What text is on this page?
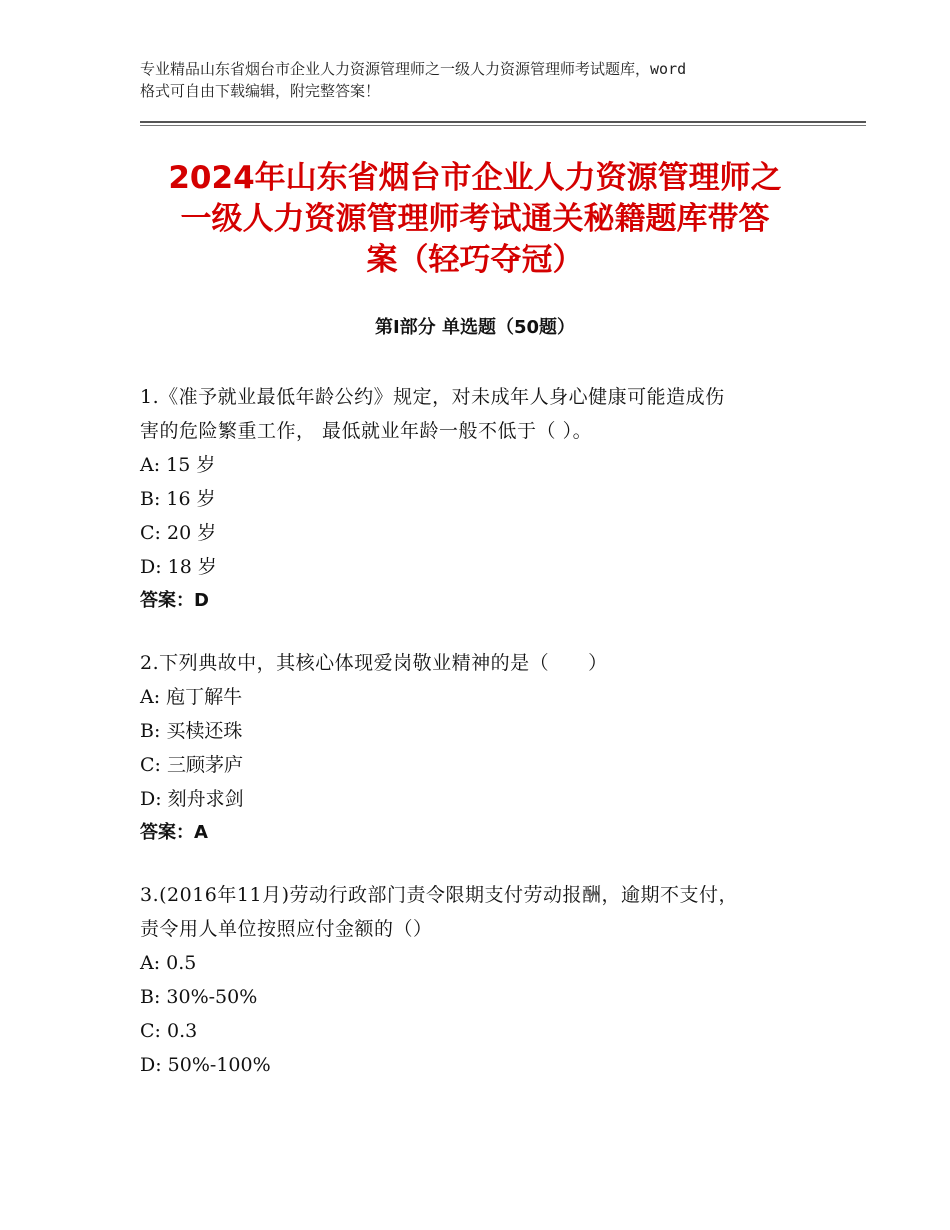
专业精品山东省烟台市企业人力资源管理师之一级人力资源管理师考试题库，word
格式可自由下载编辑，附完整答案！
2024年山东省烟台市企业人力资源管理师之
一级人力资源管理师考试通关秘籍题库带答
案（轻巧夺冠）
第Ⅰ部分 单选题（50题）
1.《准予就业最低年龄公约》规定，对未成年人身心健康可能造成伤
害的危险繁重工作， 最低就业年龄一般不低于（ ）。
A: 15 岁
B: 16 岁
C: 20 岁
D: 18 岁
答案：D
2.下列典故中，其核心体现爱岗敬业精神的是（　　）
A: 庖丁解牛
B: 买椟还珠
C: 三顾茅庐
D: 刻舟求剑
答案：A
3.(2016年11月)劳动行政部门责令限期支付劳动报酬，逾期不支付，
责令用人单位按照应付金额的（）
A: 0.5
B: 30%-50%
C: 0.3
D: 50%-100%
